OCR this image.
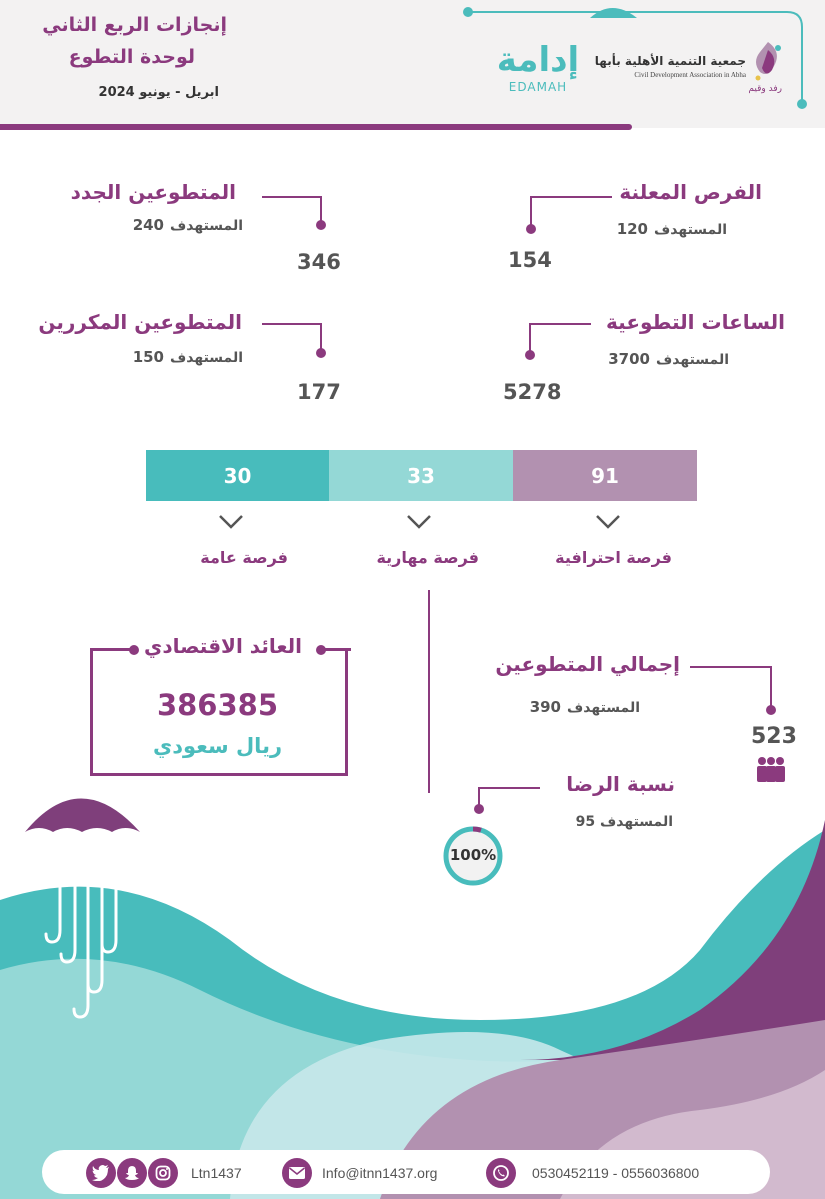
إنجازات الربع الثاني
لوحدة التطوع
ابريل - يونيو 2024
إدامة
EDAMAH
جمعية التنمية الأهلية بأبها
Civil Development Association in Abha
رفد وقيم
الفرص المعلنة
المستهدف120
154
المتطوعين الجدد
المستهدف240
346
الساعات التطوعية
المستهدف3700
5278
المتطوعين المكررين
المستهدف150
177
30	33	91
فرصة عامة	فرصة مهارية	فرصة احترافية
العائد الاقتصادي
386385
ريال سعودي
إجمالي المتطوعين
المستهدف390
523
نسبة الرضا
المستهدف 95
100%
Ltn1437	Info@itnn1437.org	0530452119 - 0556036800
